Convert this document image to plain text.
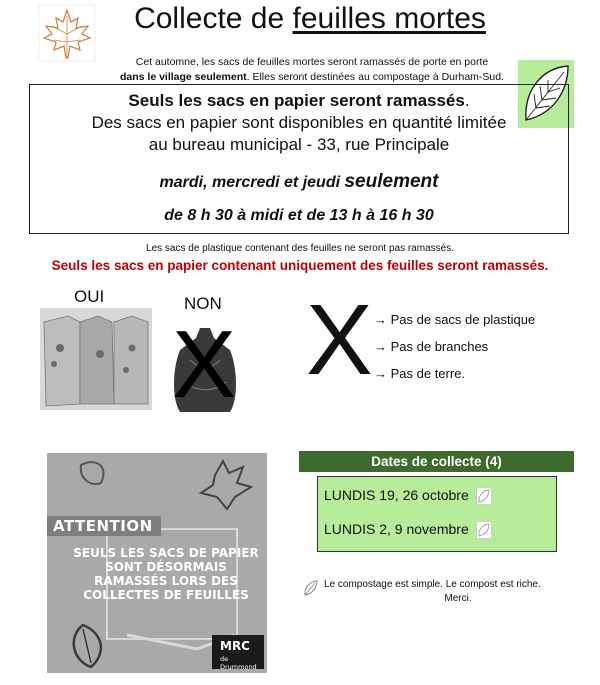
Collecte de feuilles mortes
Cet automne, les sacs de feuilles mortes seront ramassés de porte en porte
dans le village seulement. Elles seront destinées au compostage à Durham-Sud.
Seuls les sacs en papier seront ramassés.
Des sacs en papier sont disponibles en quantité limitée
au bureau municipal - 33, rue Principale
mardi, mercredi et jeudi seulement
de 8 h 30 à midi et de 13 h à 16 h 30
Les sacs de plastique contenant des feuilles ne seront pas ramassés.
Seuls les sacs en papier contenant uniquement des feuilles seront ramassés.
OUI	NON
X X → Pas de sacs de plastique
→ Pas de branches
→ Pas de terre.
ATTENTION
SEULS LES SACS DE PAPIER SONT DÉSORMAIS RAMASSÉS LORS DES COLLECTES DE FEUILLES
MRC
de Drummond
Dates de collecte (4)
LUNDIS 19, 26 octobre
LUNDIS 2, 9 novembre
Le compostage est simple. Le compost est riche.
Merci.
